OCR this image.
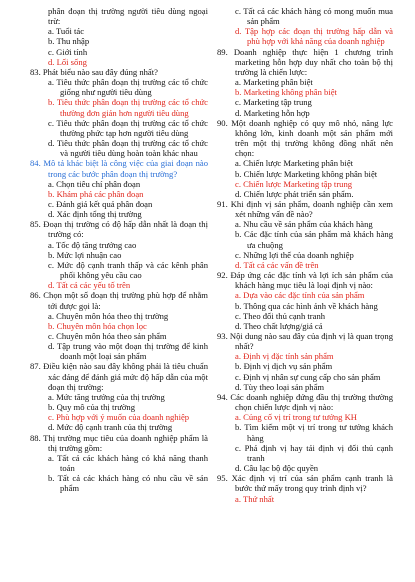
phân đoạn thị trường người tiêu dùng ngoại trừ:

a. Tuổi tác

b. Thu nhập

c. Giới tính

d. Lối sống

83. Phát biểu nào sau đây đúng nhất?

a. Tiêu thức phân đoạn thị trường các tổ chức giống như người tiêu dùng

b. Tiêu thức phân đoạn thị trường các tổ chức thường đơn giản hơn người tiêu dùng

c. Tiêu thức phân đoạn thị trường các tổ chức thường phức tạp hơn người tiêu dùng

d. Tiêu thức phân đoạn thị trường các tổ chức và người tiêu dùng hoàn toàn khác nhau

84. Mô tả khác biệt là công việc của giai đoạn nào trong các bước phân đoạn thị trường?

a. Chọn tiêu chí phân đoạn

b. Khám phá các phân đoạn

c. Đánh giá kết quả phân đoạn

d. Xác định tổng thị trường

85. Đoạn thị trường có độ hấp dẫn nhất là đoạn thị trường có:

a. Tốc độ tăng trưởng cao

b. Mức lợi nhuận cao

c. Mức độ cạnh tranh thấp và các kênh phân phối không yêu cầu cao

d. Tất cả các yếu tố trên

86. Chọn một số đoạn thị trường phù hợp để nhằm tới được gọi là:

a. Chuyên môn hóa theo thị trường

b. Chuyên môn hóa chọn lọc

c. Chuyên môn hóa theo sản phẩm

d. Tập trung vào một đoạn thị trường để kinh doanh một loại sản phẩm

87. Điều kiện nào sau đây không phải là tiêu chuẩn xác đáng để đánh giá mức độ hấp dẫn của một đoạn thị trường:

a. Mức tăng trưởng của thị trường

b. Quy mô của thị trường

c. Phù hợp với ý muốn của doanh nghiệp

d. Mức độ cạnh tranh của thị trường

88. Thị trường mục tiêu của doanh nghiệp phẩm là thị trường gồm:

a. Tất cả các khách hàng có khả năng thanh toán

b. Tất cả các khách hàng có nhu cầu về sản phẩm

c. Tất cả các khách hàng có mong muốn mua sản phẩm

d. Tập hợp các đoạn thị trường hấp dẫn và phù hợp với khả năng của doanh nghiệp

89. Doanh nghiệp thực hiện 1 chương trình marketing hỗn hợp duy nhất cho toàn bộ thị trường là chiến lược:

a. Marketing phân biệt

b. Marketing không phân biệt

c. Marketing tập trung

d. Marketing hỗn hợp

90. Một doanh nghiệp có quy mô nhỏ, năng lực không lớn, kinh doanh một sản phẩm mới trên một thị trường không đồng nhất nên chọn:

a. Chiến lược Marketing phân biệt

b. Chiến lược Marketing không phân biệt

c. Chiến lược Marketing tập trung

d. Chiến lược phát triển sản phẩm.

91. Khi định vị sản phẩm, doanh nghiệp cần xem xét những vấn đề nào?

a. Nhu cầu về sản phẩm của khách hàng

b. Các đặc tính của sản phẩm mà khách hàng ưa chuộng

c. Những lợi thế của doanh nghiệp

d. Tất cả các vấn đề trên

92. Đáp ứng các đặc tính và lợi ích sản phẩm của khách hàng mục tiêu là loại định vị nào:

a. Dựa vào các đặc tính của sản phẩm

b. Thông qua các hình ảnh về khách hàng

c. Theo đối thủ cạnh tranh

d. Theo chất lượng/giá cả

93. Nội dung nào sau đây của định vị là quan trọng nhất?

a. Định vị đặc tính sản phẩm

b. Định vị dịch vụ sản phẩm

c. Định vị nhân sự cung cấp cho sản phẩm

d. Tùy theo loại sản phẩm

94. Các doanh nghiệp đứng đầu thị trường thường chọn chiến lược định vị nào:

a. Củng cố vị trí trong tư tưởng KH

b. Tìm kiếm một vị trí trong tư tưởng khách hàng

c. Phá định vị hay tái định vị đối thủ cạnh tranh

d. Câu lạc bộ độc quyền

95. Xác định vị trí của sản phẩm cạnh tranh là bước thứ mấy trong quy trình định vị?

a. Thứ nhất
